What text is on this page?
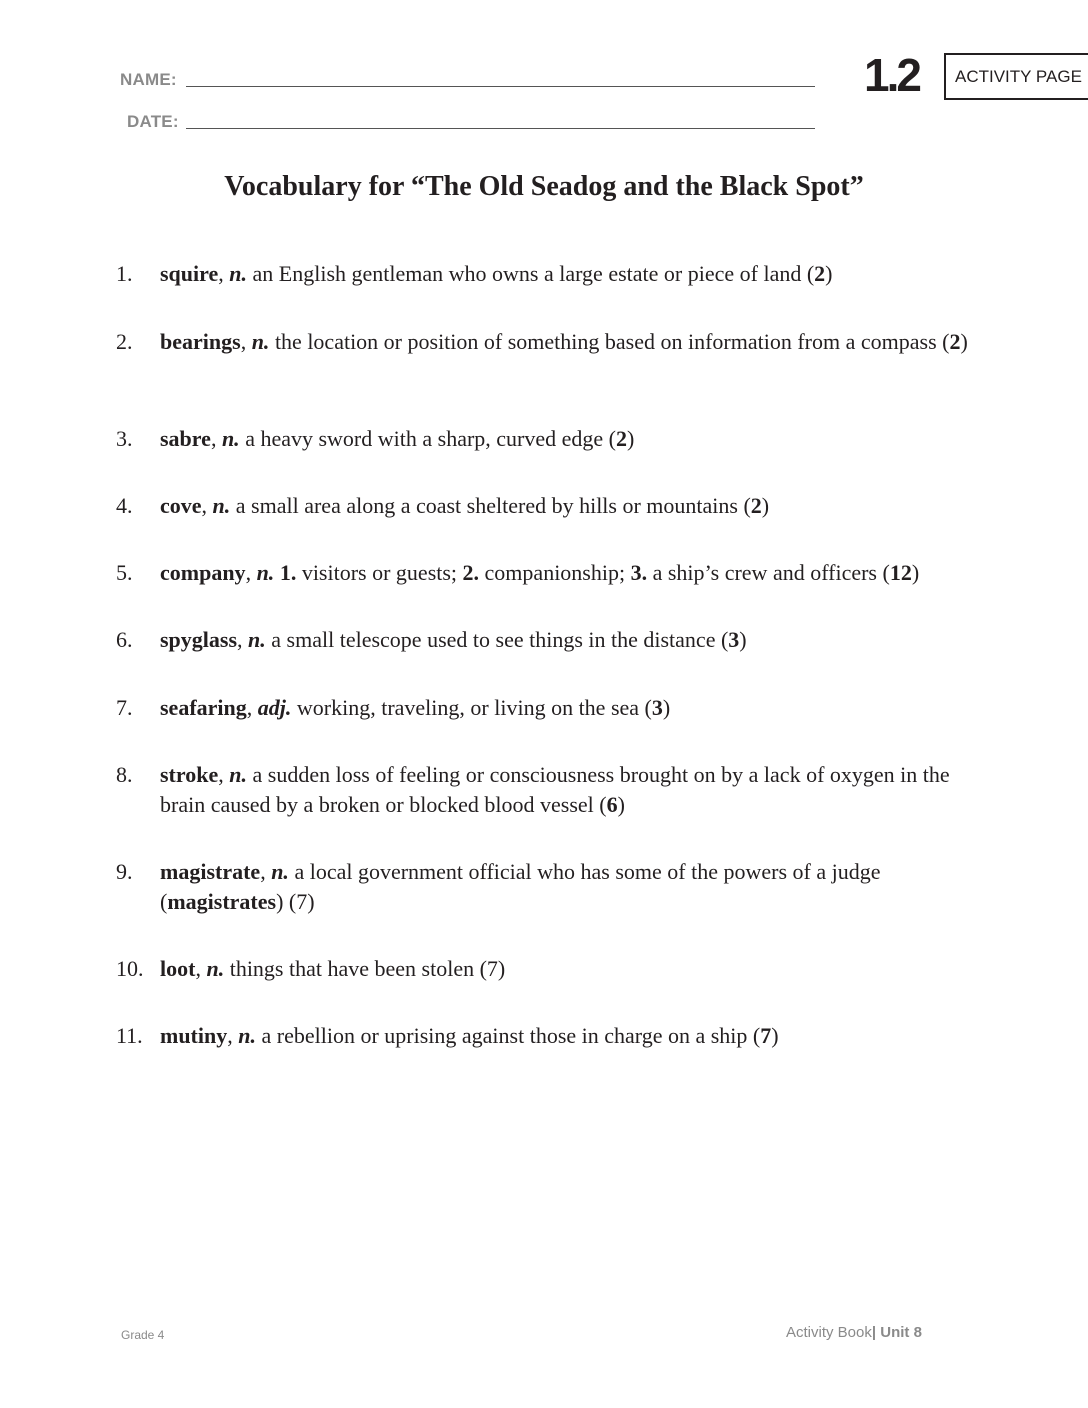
NAME:
DATE:
1.2	ACTIVITY PAGE
Vocabulary for “The Old Seadog and the Black Spot”
1.	squire, n. an English gentleman who owns a large estate or piece of land (2)
2.	bearings, n. the location or position of something based on information from a compass (2)
3.	sabre, n. a heavy sword with a sharp, curved edge (2)
4.	cove, n. a small area along a coast sheltered by hills or mountains (2)
5.	company, n. 1. visitors or guests; 2. companionship; 3. a ship’s crew and officers (12)
6.	spyglass, n. a small telescope used to see things in the distance (3)
7.	seafaring, adj. working, traveling, or living on the sea (3)
8.	stroke, n. a sudden loss of feeling or consciousness brought on by a lack of oxygen in the brain caused by a broken or blocked blood vessel (6)
9.	magistrate, n. a local government official who has some of the powers of a judge (magistrates) (7)
10. loot, n. things that have been stolen (7)
11. mutiny, n. a rebellion or uprising against those in charge on a ship (7)
Grade 4	Activity Book| Unit 8
